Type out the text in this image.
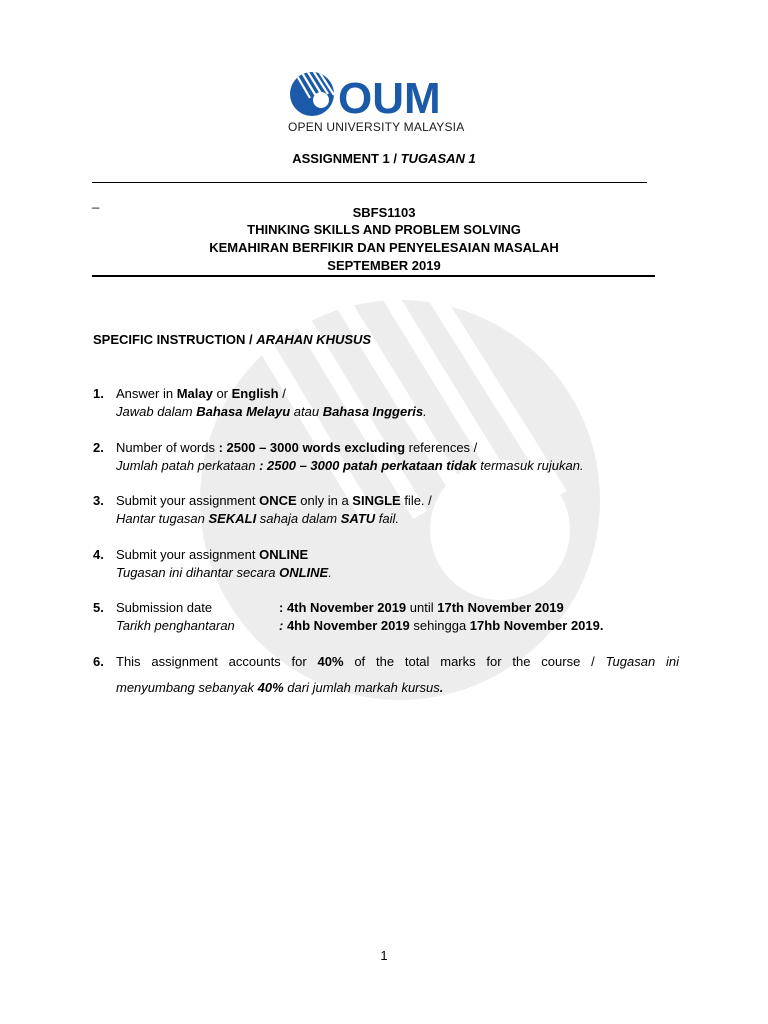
OUM
OPEN UNIVERSITY MALAYSIA
ASSIGNMENT 1 / TUGASAN 1
_
SBFS1103
THINKING SKILLS AND PROBLEM SOLVING
KEMAHIRAN BERFIKIR DAN PENYELESAIAN MASALAH
SEPTEMBER 2019
SPECIFIC INSTRUCTION / ARAHAN KHUSUS
1. Answer in Malay or English /
Jawab dalam Bahasa Melayu atau Bahasa Inggeris.
2. Number of words : 2500 – 3000 words excluding references /
Jumlah patah perkataan : 2500 – 3000 patah perkataan tidak termasuk rujukan.
3. Submit your assignment ONCE only in a SINGLE file. /
Hantar tugasan SEKALI sahaja dalam SATU fail.
4. Submit your assignment ONLINE
Tugasan ini dihantar secara ONLINE.
5. Submission date	: 4th November 2019 until 17th November 2019
Tarikh penghantaran	: 4hb November 2019 sehingga 17hb November 2019.
6. This assignment accounts for 40% of the total marks for the course / Tugasan ini
menyumbang sebanyak 40% dari jumlah markah kursus.
1
